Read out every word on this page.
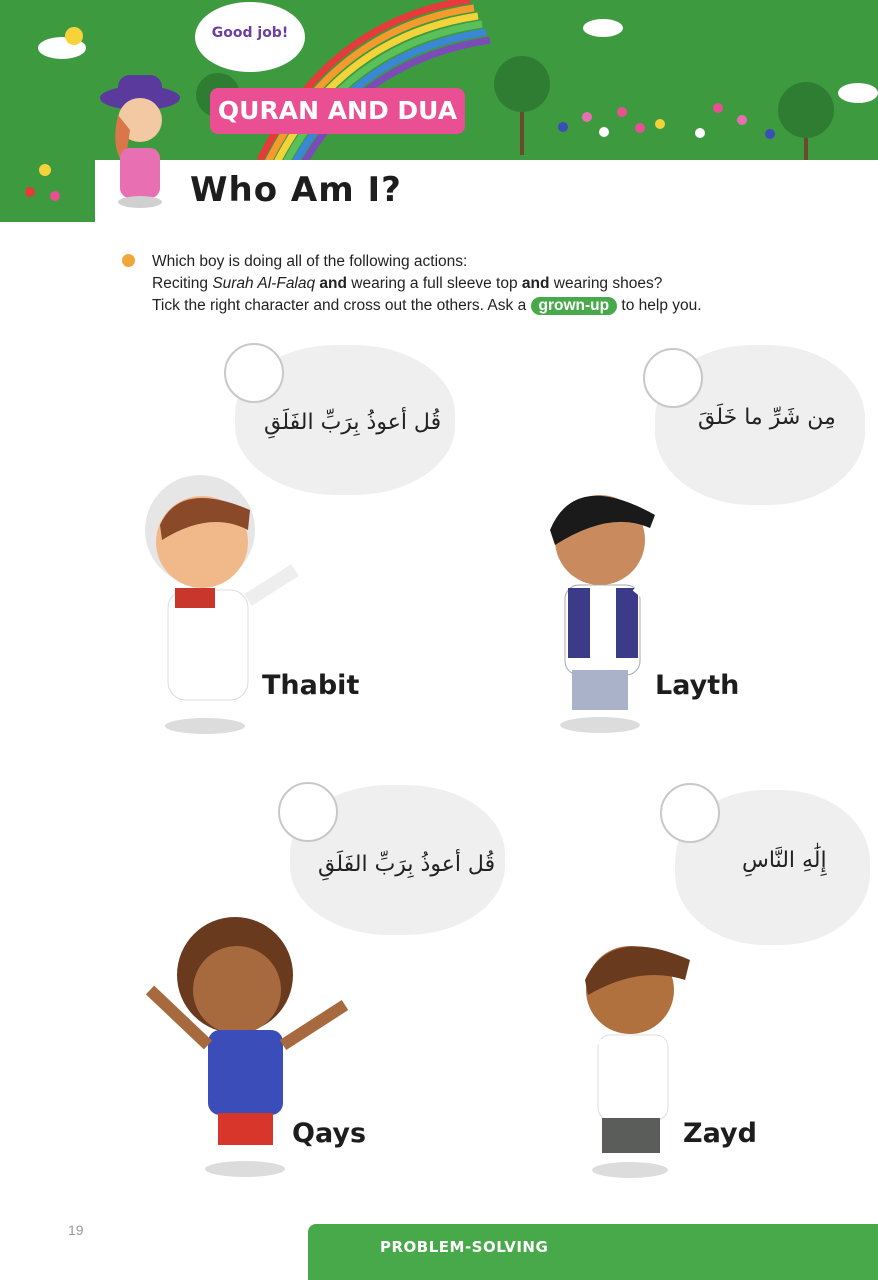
Good job!
QURAN AND DUA
Who Am I?
Which boy is doing all of the following actions:
Reciting Surah Al-Falaq and wearing a full sleeve top and wearing shoes?
Tick the right character and cross out the others. Ask a grown-up to help you.
قُل أعوذُ بِرَبِّ الفَلَقِ
Thabit
مِن شَرِّ ما خَلَقَ
Layth
قُل أعوذُ بِرَبِّ الفَلَقِ
Qays
إِلَٰهِ النَّاسِ
Zayd
19
PROBLEM-SOLVING
